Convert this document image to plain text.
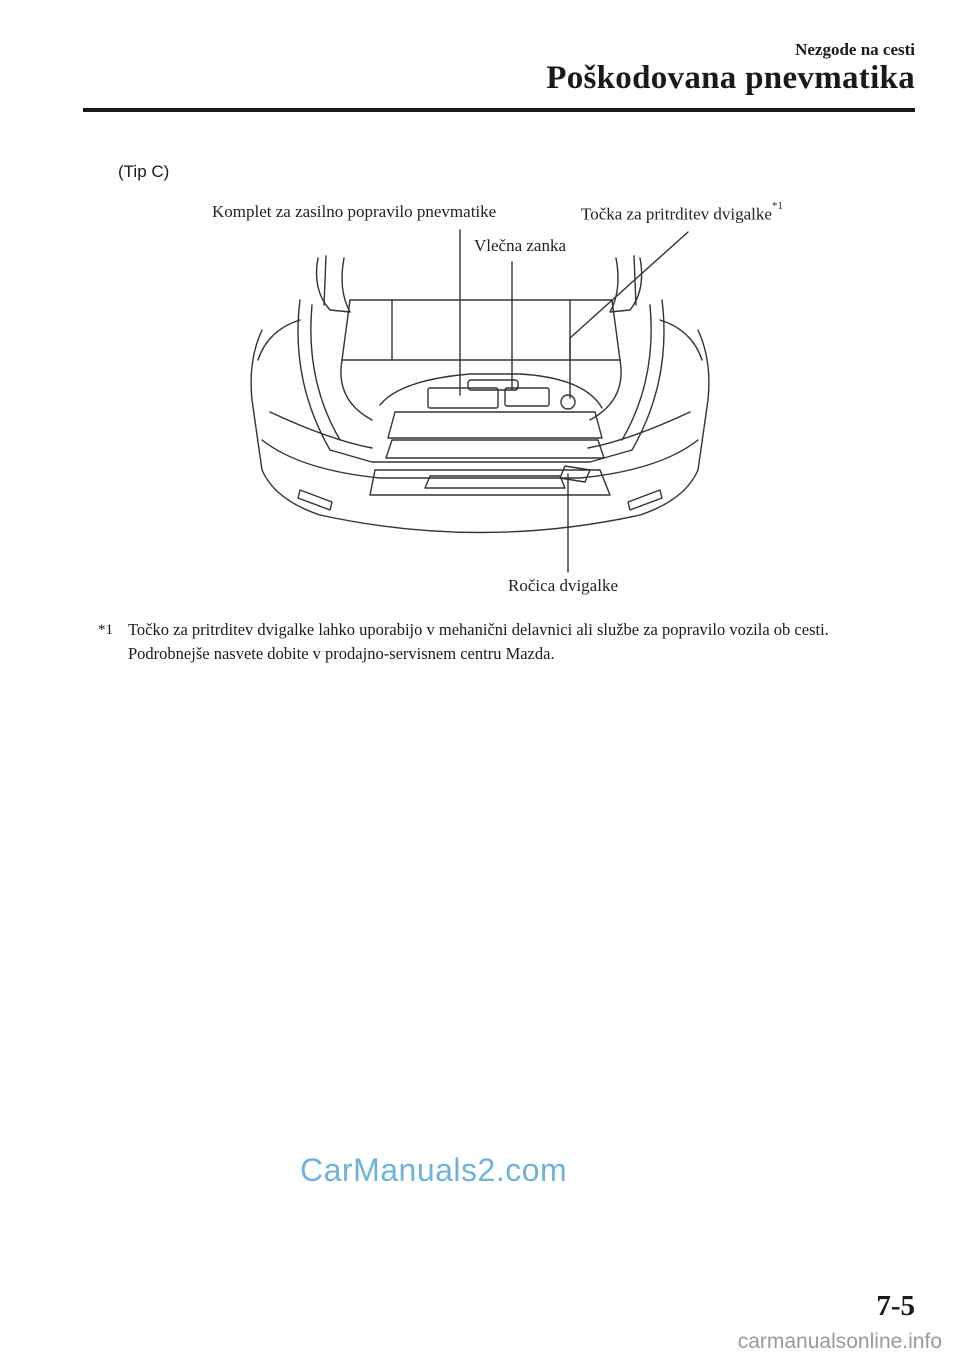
Nezgode na cesti
Poškodovana pnevmatika
(Tip C)
Komplet za zasilno popravilo pnevmatike
Vlečna zanka
Točka za pritrditev dvigalke$^{*1}$
Ročica dvigalke
*1 Točko za pritrditev dvigalke lahko uporabijo v mehanični delavnici ali službe za popravilo vozila ob cesti. Podrobnejše nasvete dobite v prodajno-servisnem centru Mazda.
CarManuals2.com
7-5
carmanualsonline.info
